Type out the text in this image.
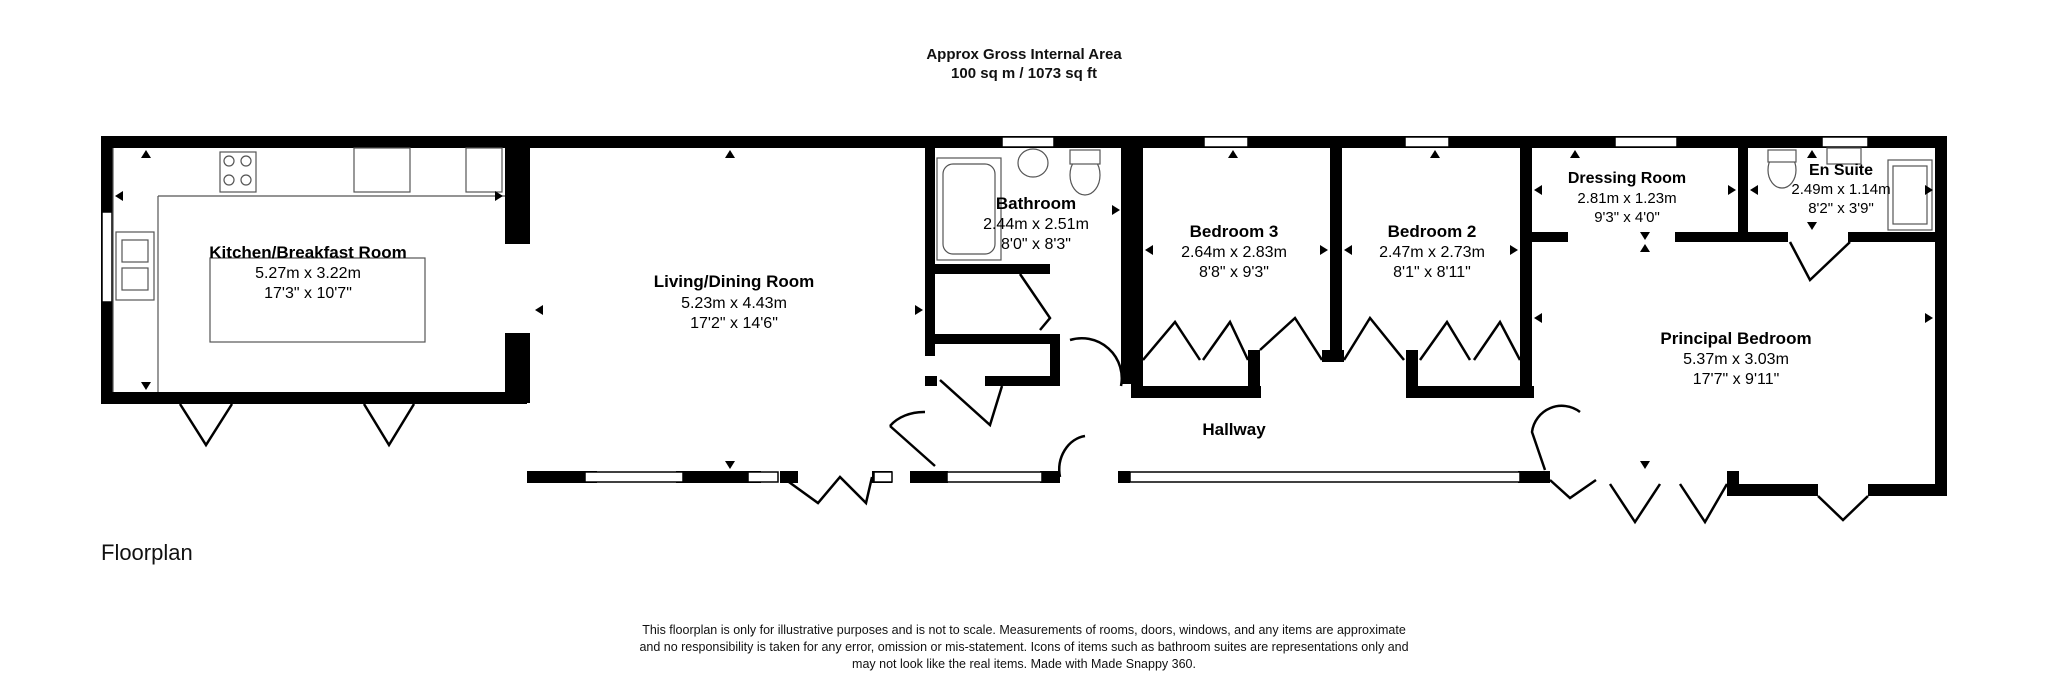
Approx Gross Internal Area
100 sq m / 1073 sq ft
Kitchen/Breakfast Room
5.27m x 3.22m
17'3" x 10'7"
Living/Dining Room
5.23m x 4.43m
17'2" x 14'6"
Bathroom
2.44m x 2.51m
8'0" x 8'3"
Bedroom 3
2.64m x 2.83m
8'8" x 9'3"
Bedroom 2
2.47m x 2.73m
8'1" x 8'11"
Dressing Room
2.81m x 1.23m
9'3" x 4'0"
En Suite
2.49m x 1.14m
8'2" x 3'9"
Principal Bedroom
5.37m x 3.03m
17'7" x 9'11"
Hallway
Floorplan
This floorplan is only for illustrative purposes and is not to scale. Measurements of rooms, doors, windows, and any items are approximate
and no responsibility is taken for any error, omission or mis-statement. Icons of items such as bathroom suites are representations only and
may not look like the real items. Made with Made Snappy 360.
